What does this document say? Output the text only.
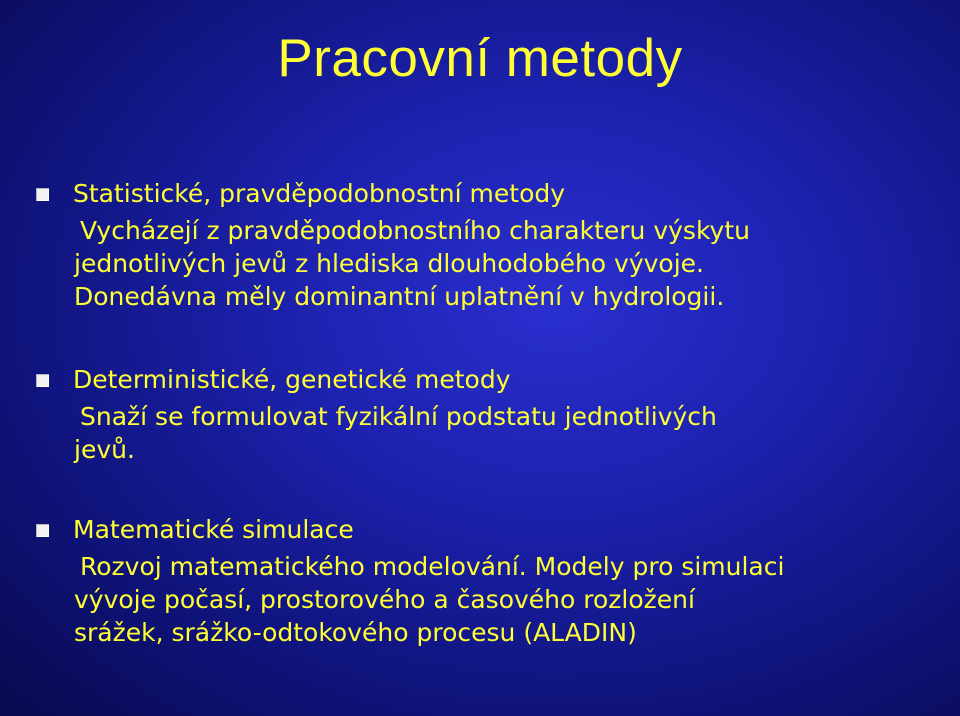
Pracovní metody
Statistické, pravděpodobnostní metody
Vycházejí z pravděpodobnostního charakteru výskytu
jednotlivých jevů z hlediska dlouhodobého vývoje.
Donedávna měly dominantní uplatnění v hydrologii.
Deterministické, genetické metody
Snaží se formulovat fyzikální podstatu jednotlivých
jevů.
Matematické simulace
Rozvoj matematického modelování. Modely pro simulaci
vývoje počasí, prostorového a časového rozložení
srážek, srážko-odtokového procesu (ALADIN)
